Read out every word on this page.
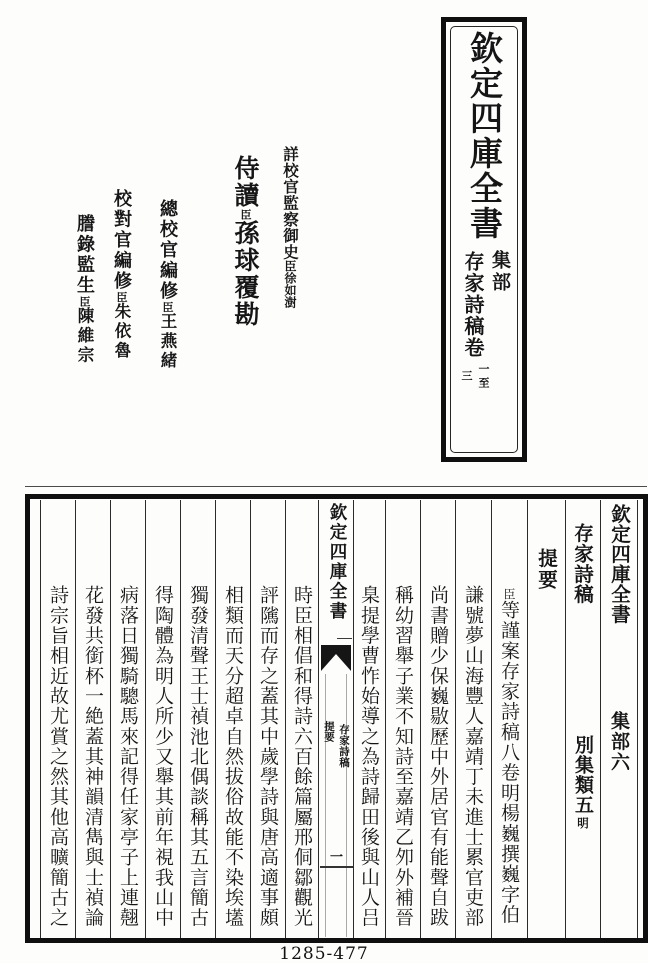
欽定四庫全書
集部
存家詩稿卷
一至
三
詳校官監察御史臣徐如澍
侍讀臣孫球覆勘
總校官編修臣王燕緒
校對官編修臣朱依魯
謄錄監生臣陳維宗
欽定四庫全書
集部六
存家詩稿
別集類五
明
提要
臣等謹案存家詩稿八卷明楊巍撰巍字伯
謙號夢山海豐人嘉靖丁未進士累官吏部
尚書贈少保巍敭歷中外居官有能聲自跋
稱幼習舉子業不知詩至嘉靖乙夘外補晉
臬提學曹怍始導之為詩歸田後與山人吕
欽定四庫全書
存家詩稿
提要
一
時臣相倡和得詩六百餘篇屬邢侗鄒觀光
評隲而存之蓋其中歲學詩與唐高適事頗
相類而天分超卓自然拔俗故能不染埃壒
獨發清聲王士禎池北偶談稱其五言簡古
得陶體為明人所少又舉其前年視我山中
病落日獨騎驄馬來記得任家亭子上連翹
花發共銜杯一絶蓋其神韻清雋與士禎論
詩宗旨相近故尤賞之然其他高曠簡古之
1285-477
